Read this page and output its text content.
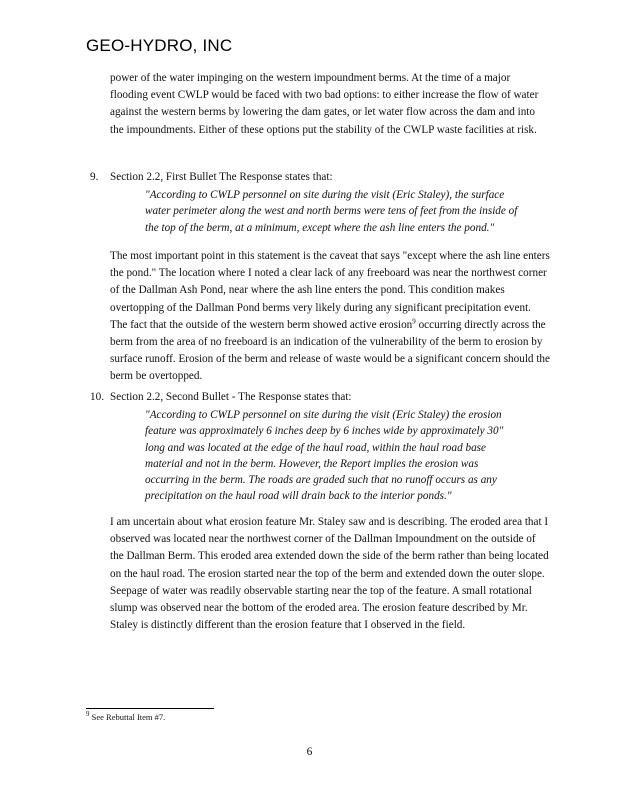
GEO-HYDRO, INC

power of the water impinging on the western impoundment berms. At the time of a major flooding event CWLP would be faced with two bad options: to either increase the flow of water against the western berms by lowering the dam gates, or let water flow across the dam and into the impoundments. Either of these options put the stability of the CWLP waste facilities at risk.

9. Section 2.2, First Bullet The Response states that:

"According to CWLP personnel on site during the visit (Eric Staley), the surface water perimeter along the west and north berms were tens of feet from the inside of the top of the berm, at a minimum, except where the ash line enters the pond."

The most important point in this statement is the caveat that says "except where the ash line enters the pond." The location where I noted a clear lack of any freeboard was near the northwest corner of the Dallman Ash Pond, near where the ash line enters the pond. This condition makes overtopping of the Dallman Pond berms very likely during any significant precipitation event. The fact that the outside of the western berm showed active erosion$^9$ occurring directly across the berm from the area of no freeboard is an indication of the vulnerability of the berm to erosion by surface runoff. Erosion of the berm and release of waste would be a significant concern should the berm be overtopped.

10. Section 2.2, Second Bullet - The Response states that:

"According to CWLP personnel on site during the visit (Eric Staley) the erosion feature was approximately 6 inches deep by 6 inches wide by approximately 30" long and was located at the edge of the haul road, within the haul road base material and not in the berm. However, the Report implies the erosion was occurring in the berm. The roads are graded such that no runoff occurs as any precipitation on the haul road will drain back to the interior ponds."

I am uncertain about what erosion feature Mr. Staley saw and is describing. The eroded area that I observed was located near the northwest corner of the Dallman Impoundment on the outside of the Dallman Berm. This eroded area extended down the side of the berm rather than being located on the haul road. The erosion started near the top of the berm and extended down the outer slope. Seepage of water was readily observable starting near the top of the feature. A small rotational slump was observed near the bottom of the eroded area. The erosion feature described by Mr. Staley is distinctly different than the erosion feature that I observed in the field.

$^9$ See Rebuttal Item #7.
6
